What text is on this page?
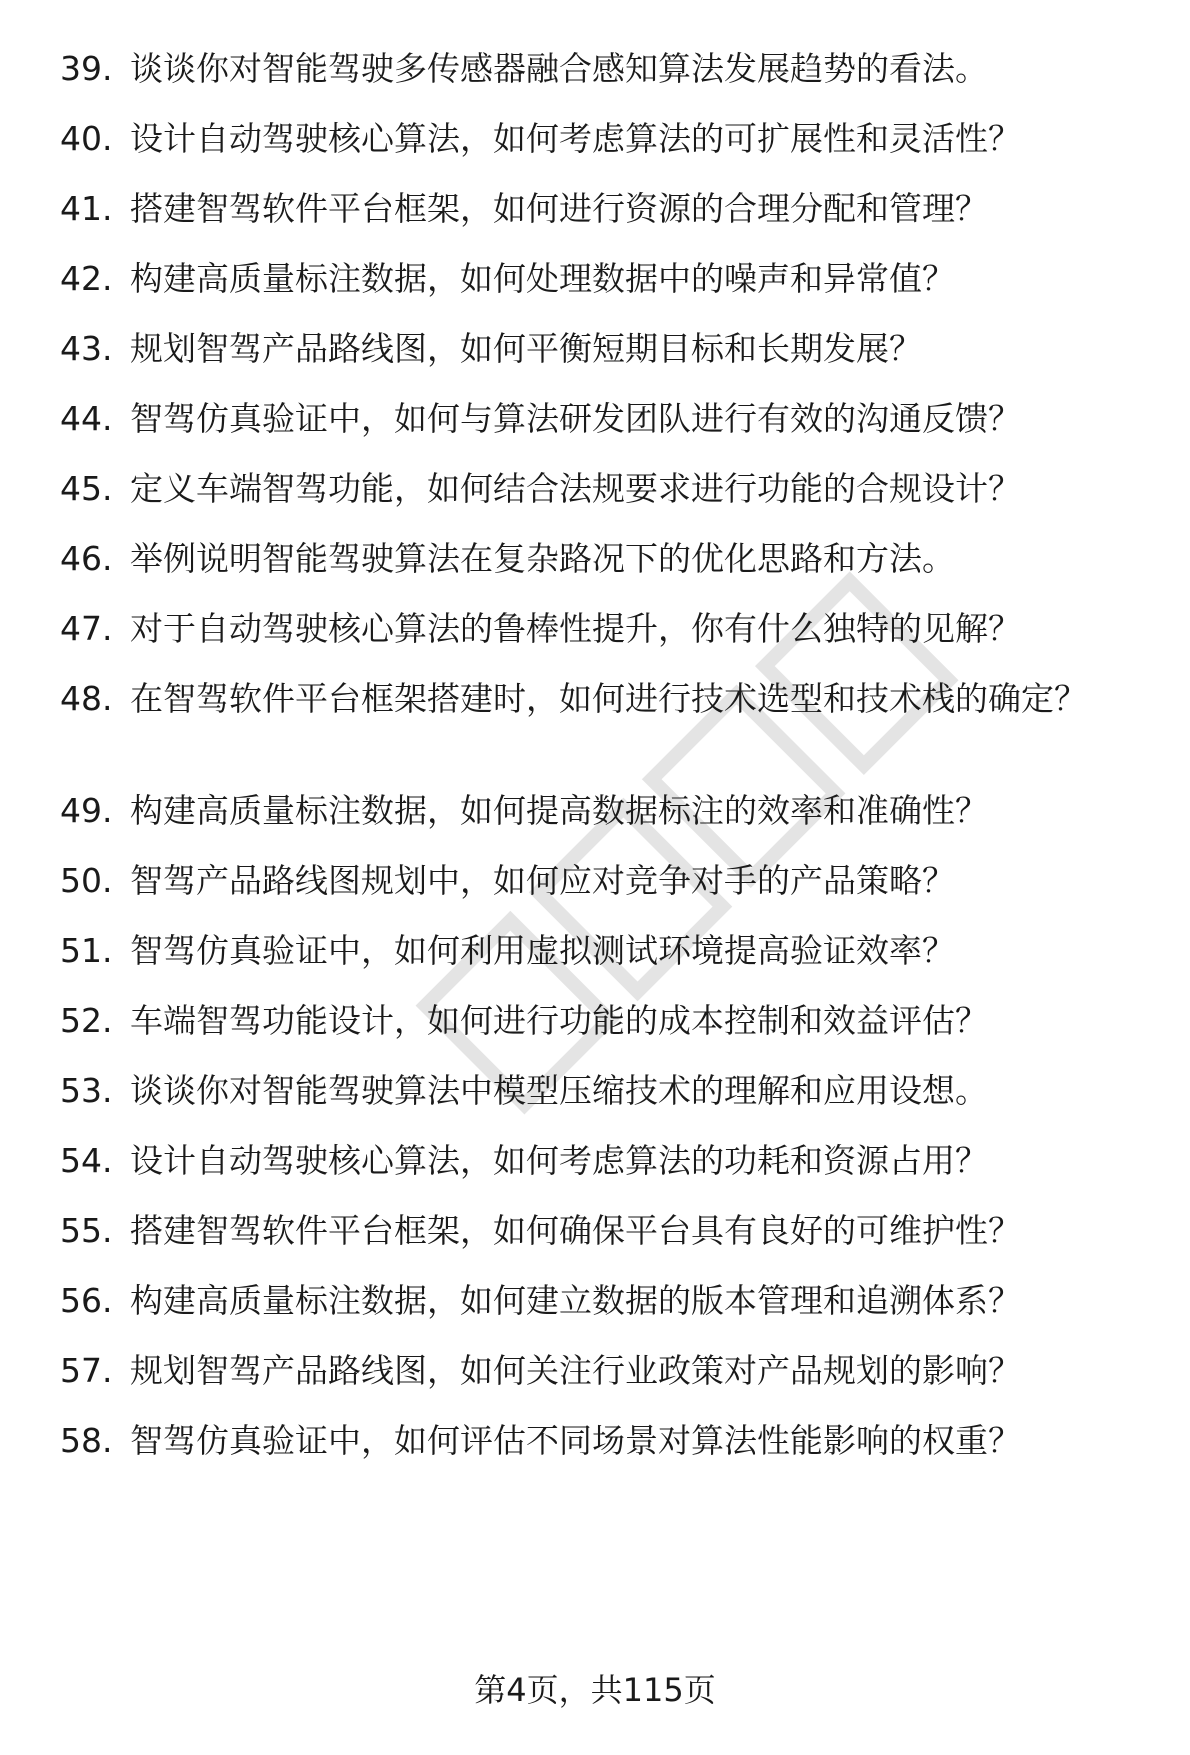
39. 谈谈你对智能驾驶多传感器融合感知算法发展趋势的看法。
40. 设计自动驾驶核心算法，如何考虑算法的可扩展性和灵活性？
41. 搭建智驾软件平台框架，如何进行资源的合理分配和管理？
42. 构建高质量标注数据，如何处理数据中的噪声和异常值？
43. 规划智驾产品路线图，如何平衡短期目标和长期发展？
44. 智驾仿真验证中，如何与算法研发团队进行有效的沟通反馈？
45. 定义车端智驾功能，如何结合法规要求进行功能的合规设计？
46. 举例说明智能驾驶算法在复杂路况下的优化思路和方法。
47. 对于自动驾驶核心算法的鲁棒性提升，你有什么独特的见解？
48. 在智驾软件平台框架搭建时，如何进行技术选型和技术栈的确定？
49. 构建高质量标注数据，如何提高数据标注的效率和准确性？
50. 智驾产品路线图规划中，如何应对竞争对手的产品策略？
51. 智驾仿真验证中，如何利用虚拟测试环境提高验证效率？
52. 车端智驾功能设计，如何进行功能的成本控制和效益评估？
53. 谈谈你对智能驾驶算法中模型压缩技术的理解和应用设想。
54. 设计自动驾驶核心算法，如何考虑算法的功耗和资源占用？
55. 搭建智驾软件平台框架，如何确保平台具有良好的可维护性？
56. 构建高质量标注数据，如何建立数据的版本管理和追溯体系？
57. 规划智驾产品路线图，如何关注行业政策对产品规划的影响？
58. 智驾仿真验证中，如何评估不同场景对算法性能影响的权重？
第4页，共115页
